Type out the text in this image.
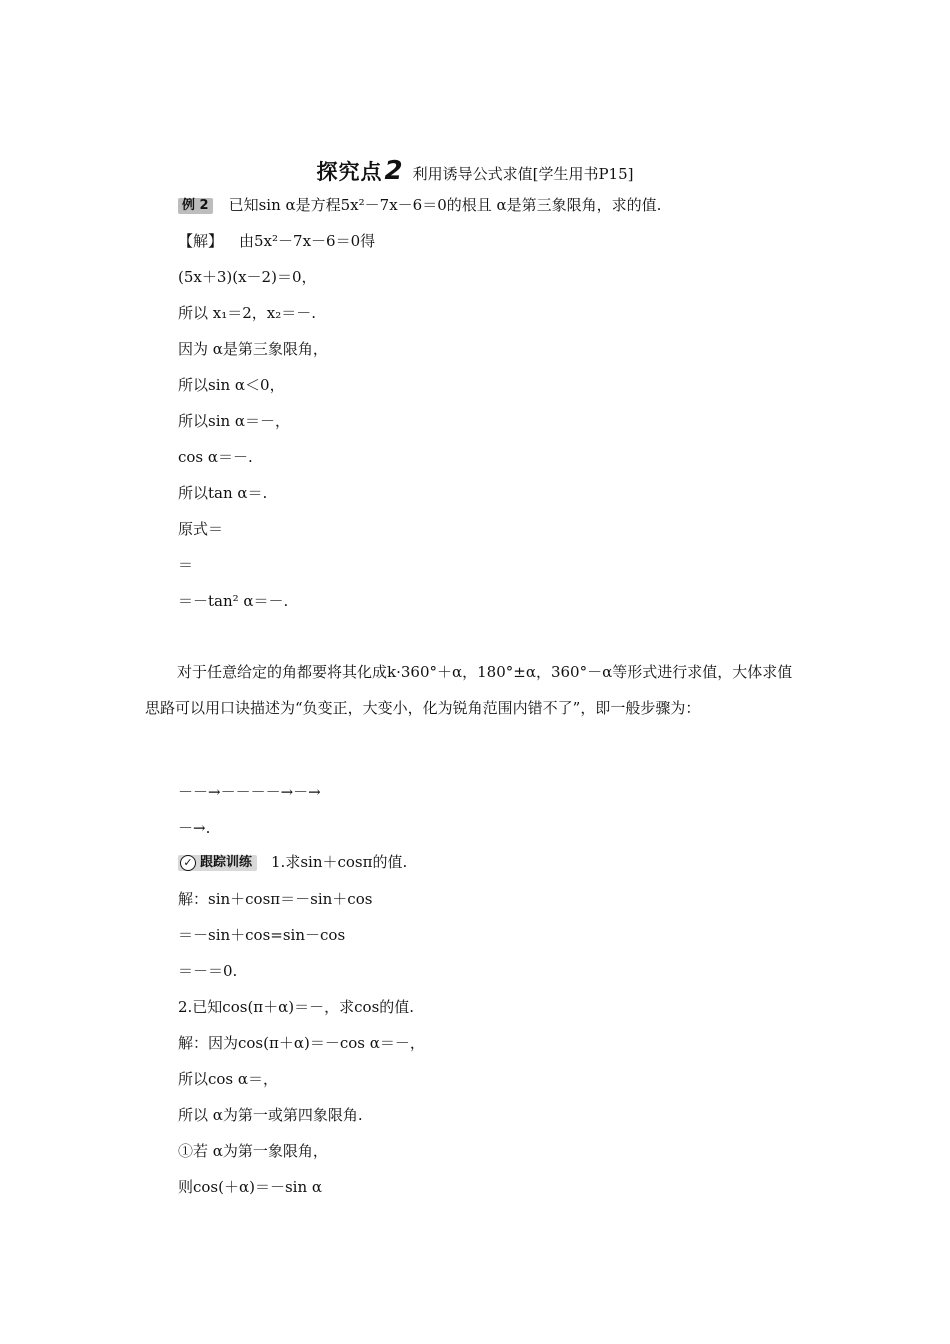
探究点2 利用诱导公式求值[学生用书P15]
例 2 已知sin α是方程5x²－7x－6＝0的根且 α是第三象限角，求的值.
【解】 由5x²－7x－6＝0得
(5x＋3)(x－2)＝0，
所以 x₁＝2，x₂＝－.
因为 α是第三象限角，
所以sin α＜0，
所以sin α＝－，
cos α＝－.
所以tan α＝.
原式＝
＝
＝－tan² α＝－.
对于任意给定的角都要将其化成k·360°＋α，180°±α，360°－α等形式进行求值，大体求值思路可以用口诀描述为“负变正，大变小，化为锐角范围内错不了”，即一般步骤为：
－－→－－－－→－→
－→.
✓ 跟踪训练 1.求sin＋cosπ的值.
解：sin＋cosπ＝－sin＋cos
＝－sin＋cos=sin－cos
＝－＝0.
2.已知cos(π＋α)＝－，求cos的值.
解：因为cos(π＋α)＝－cos α＝－，
所以cos α＝，
所以 α为第一或第四象限角.
①若 α为第一象限角，
则cos(＋α)＝－sin α
